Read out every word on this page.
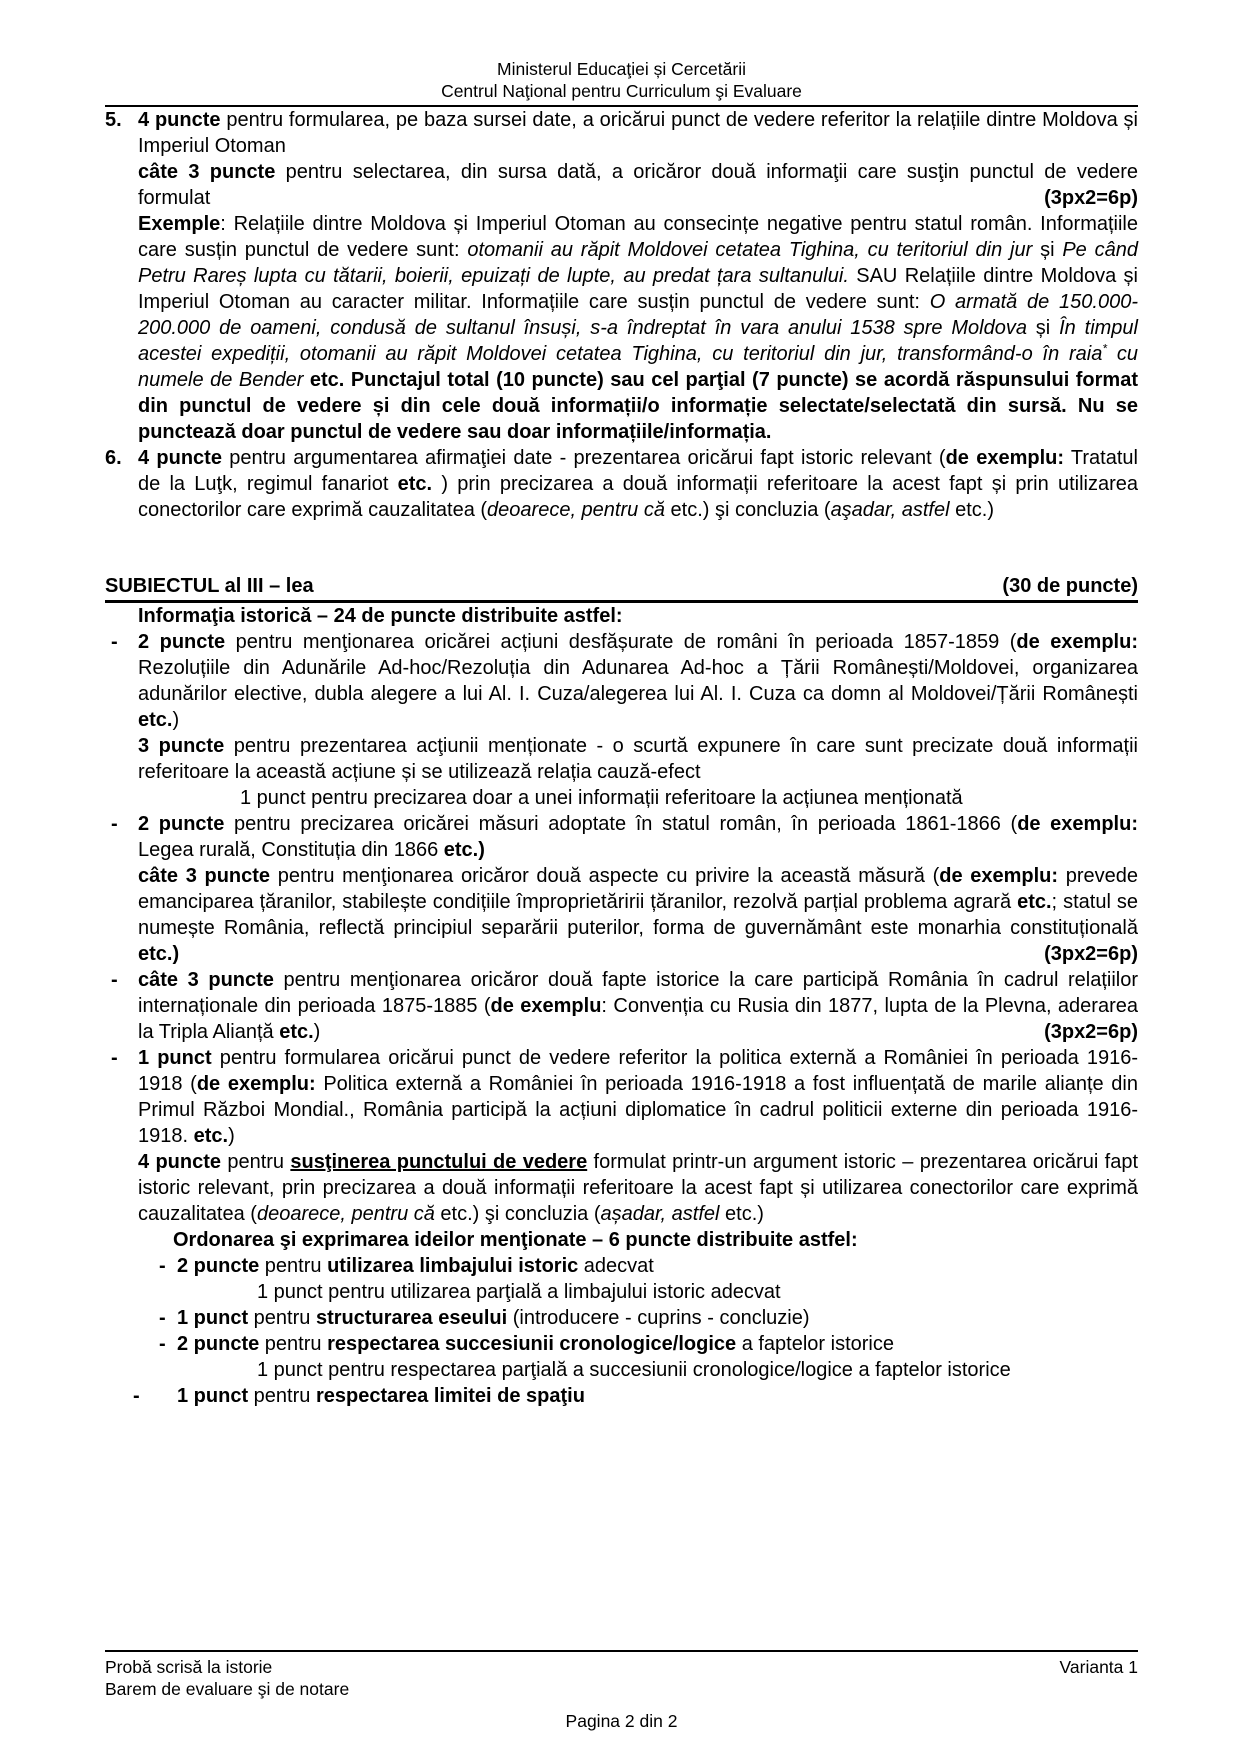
Ministerul Educaţiei și Cercetării
Centrul Naţional pentru Curriculum şi Evaluare
5. 4 puncte pentru formularea, pe baza sursei date, a oricărui punct de vedere referitor la relațiile dintre Moldova și Imperiul Otoman
câte 3 puncte pentru selectarea, din sursa dată, a oricăror două informaţii care susţin punctul de vedere formulat	(3px2=6p)
Exemple: Relațiile dintre Moldova și Imperiul Otoman au consecințe negative pentru statul român. Informațiile care susțin punctul de vedere sunt: otomanii au răpit Moldovei cetatea Tighina, cu teritoriul din jur și Pe când Petru Rareș lupta cu tătarii, boierii, epuizați de lupte, au predat țara sultanului. SAU Relațiile dintre Moldova și Imperiul Otoman au caracter militar. Informațiile care susțin punctul de vedere sunt: O armată de 150.000-200.000 de oameni, condusă de sultanul însuși, s-a îndreptat în vara anului 1538 spre Moldova și În timpul acestei expediții, otomanii au răpit Moldovei cetatea Tighina, cu teritoriul din jur, transformând-o în raia* cu numele de Bender etc. Punctajul total (10 puncte) sau cel parţial (7 puncte) se acordă răspunsului format din punctul de vedere și din cele două informații/o informație selectate/selectată din sursă. Nu se punctează doar punctul de vedere sau doar informațiile/informația.
6. 4 puncte pentru argumentarea afirmaţiei date - prezentarea oricărui fapt istoric relevant (de exemplu: Tratatul de la Luţk, regimul fanariot etc. ) prin precizarea a două informații referitoare la acest fapt și prin utilizarea conectorilor care exprimă cauzalitatea (deoarece, pentru că etc.) şi concluzia (aşadar, astfel etc.)
SUBIECTUL al III – lea	(30 de puncte)
Informaţia istorică – 24 de puncte distribuite astfel:
- 2 puncte pentru menţionarea oricărei acțiuni desfășurate de români în perioada 1857-1859 (de exemplu: Rezoluțiile din Adunările Ad-hoc/Rezoluția din Adunarea Ad-hoc a Țării Românești/Moldovei, organizarea adunărilor elective, dubla alegere a lui Al. I. Cuza/alegerea lui Al. I. Cuza ca domn al Moldovei/Țării Românești etc.)
3 puncte pentru prezentarea acţiunii menționate - o scurtă expunere în care sunt precizate două informații referitoare la această acțiune și se utilizează relația cauză-efect
1 punct pentru precizarea doar a unei informații referitoare la acțiunea menționată
- 2 puncte pentru precizarea oricărei măsuri adoptate în statul român, în perioada 1861-1866 (de exemplu: Legea rurală, Constituția din 1866 etc.)
câte 3 puncte pentru menţionarea oricăror două aspecte cu privire la această măsură (de exemplu: prevede emanciparea țăranilor, stabilește condițiile împroprietăririi țăranilor, rezolvă parțial problema agrară etc.; statul se numește România, reflectă principiul separării puterilor, forma de guvernământ este monarhia constituțională etc.)	(3px2=6p)
- câte 3 puncte pentru menţionarea oricăror două fapte istorice la care participă România în cadrul relațiilor internaționale din perioada 1875-1885 (de exemplu: Convenția cu Rusia din 1877, lupta de la Plevna, aderarea la Tripla Alianță etc.)	(3px2=6p)
- 1 punct pentru formularea oricărui punct de vedere referitor la politica externă a României în perioada 1916-1918 (de exemplu: Politica externă a României în perioada 1916-1918 a fost influențată de marile alianțe din Primul Război Mondial., România participă la acțiuni diplomatice în cadrul politicii externe din perioada 1916-1918. etc.)
4 puncte pentru susţinerea punctului de vedere formulat printr-un argument istoric – prezentarea oricărui fapt istoric relevant, prin precizarea a două informații referitoare la acest fapt și utilizarea conectorilor care exprimă cauzalitatea (deoarece, pentru că etc.) şi concluzia (așadar, astfel etc.)
Ordonarea şi exprimarea ideilor menţionate – 6 puncte distribuite astfel:
- 2 puncte pentru utilizarea limbajului istoric adecvat
1 punct pentru utilizarea parţială a limbajului istoric adecvat
- 1 punct pentru structurarea eseului (introducere - cuprins - concluzie)
- 2 puncte pentru respectarea succesiunii cronologice/logice a faptelor istorice
1 punct pentru respectarea parţială a succesiunii cronologice/logice a faptelor istorice
- 1 punct pentru respectarea limitei de spaţiu
Probă scrisă la istorie	Varianta 1
Barem de evaluare şi de notare
Pagina 2 din 2
